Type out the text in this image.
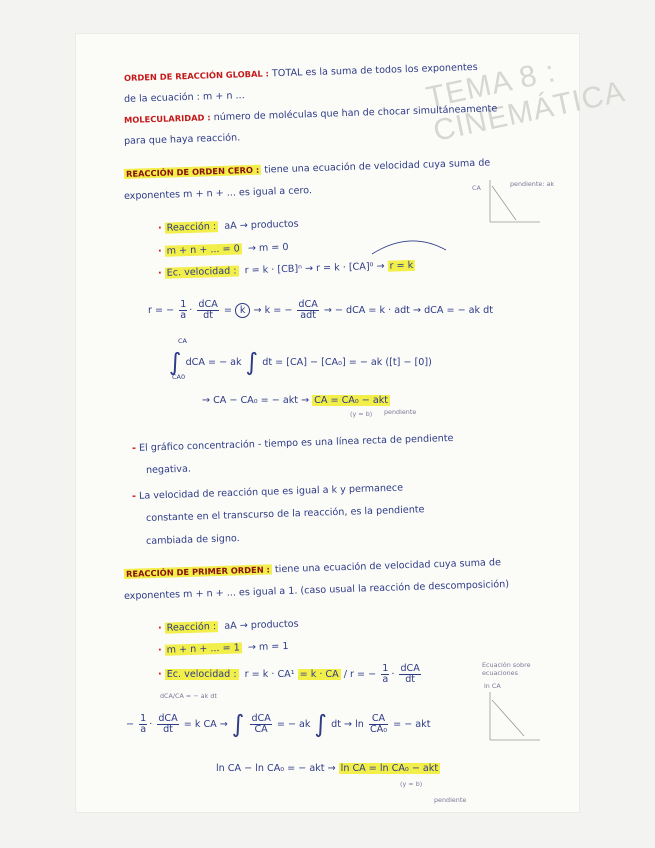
TEMA 8 : CINEMÁTICA
ORDEN DE REACCIÓN GLOBAL : TOTAL es la suma de todos los exponentes
de la ecuación : m + n ...
MOLECULARIDAD : número de moléculas que han de chocar simultáneamente
para que haya reacción.
REACCIÓN DE ORDEN CERO : tiene una ecuación de velocidad cuya suma de
exponentes m + n + ... es igual a cero.
· Reacción : aA → productos
· m + n + ... = 0 → m = 0
· Ec. velocidad : r = k · [CB]ⁿ → r = k · [CA]⁰ → r = k
r = − $\frac{1}{a} \cdot \frac{\text{dCA}}{dt} = k \to k$ = − $\frac{\text{dCA}}{\text{adt}}$ → − dCA = k · adt → dCA = − ak dt
∫
CA
CA0
dCA = − ak ∫ dt = [CA] − [CA₀] = − ak ([t] − [0])
→ CA − CA₀ = − akt → CA = CA₀ − akt
(y = b) pendiente
CA	pendiente: ak
- El gráfico concentración - tiempo es una línea recta de pendiente
negativa.
- La velocidad de reacción que es igual a k y permanece
constante en el transcurso de la reacción, es la pendiente
cambiada de signo.
REACCIÓN DE PRIMER ORDEN : tiene una ecuación de velocidad cuya suma de
exponentes m + n + ... es igual a 1. (caso usual la reacción de descomposición)
· Reacción : aA → productos
· m + n + ... = 1 → m = 1
· Ec. velocidad : r = k · CA¹ = k · CA / r = − $\frac{1}{a} \cdot \frac{\text{dCA}}{dt}$	Ecuación sobre ecuaciones
dCA/CA = − ak dt
− $\frac{1}{a} \cdot \frac{\text{dCA}}{dt} = k$ CA → ∫ $\frac{\text{dCA}}{CA}$ = − ak ∫ dt → $\ln \frac{CA}{\text{CA₀}}$ = − akt
ln CA − ln CA₀ = − akt → ln CA = ln CA₀ − akt
(y = b)
pendiente
ln CA
